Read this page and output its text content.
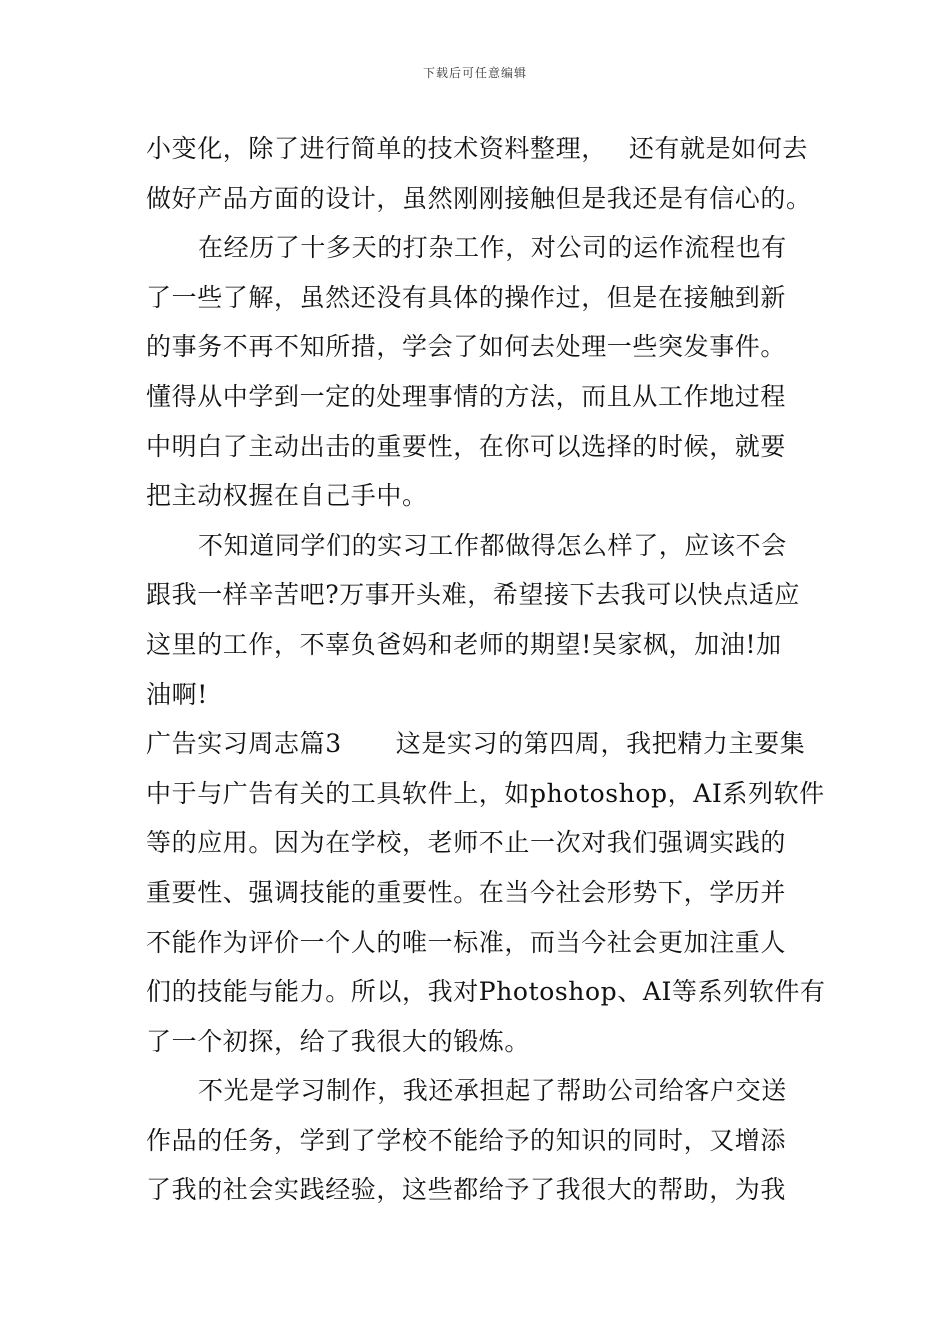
下载后可任意编辑
小变化，除了进行简单的技术资料整理， 还有就是如何去
做好产品方面的设计，虽然刚刚接触但是我还是有信心的。
在经历了十多天的打杂工作，对公司的运作流程也有
了一些了解，虽然还没有具体的操作过，但是在接触到新
的事务不再不知所措，学会了如何去处理一些突发事件。
懂得从中学到一定的处理事情的方法，而且从工作地过程
中明白了主动出击的重要性，在你可以选择的时候，就要
把主动权握在自己手中。
不知道同学们的实习工作都做得怎么样了，应该不会
跟我一样辛苦吧?万事开头难，希望接下去我可以快点适应
这里的工作，不辜负爸妈和老师的期望!吴家枫，加油!加
油啊!
广告实习周志篇3 这是实习的第四周，我把精力主要集
中于与广告有关的工具软件上，如photoshop，AI系列软件
等的应用。因为在学校，老师不止一次对我们强调实践的
重要性、强调技能的重要性。在当今社会形势下，学历并
不能作为评价一个人的唯一标准，而当今社会更加注重人
们的技能与能力。所以，我对Photoshop、AI等系列软件有
了一个初探，给了我很大的锻炼。
不光是学习制作，我还承担起了帮助公司给客户交送
作品的任务，学到了学校不能给予的知识的同时，又增添
了我的社会实践经验，这些都给予了我很大的帮助，为我
